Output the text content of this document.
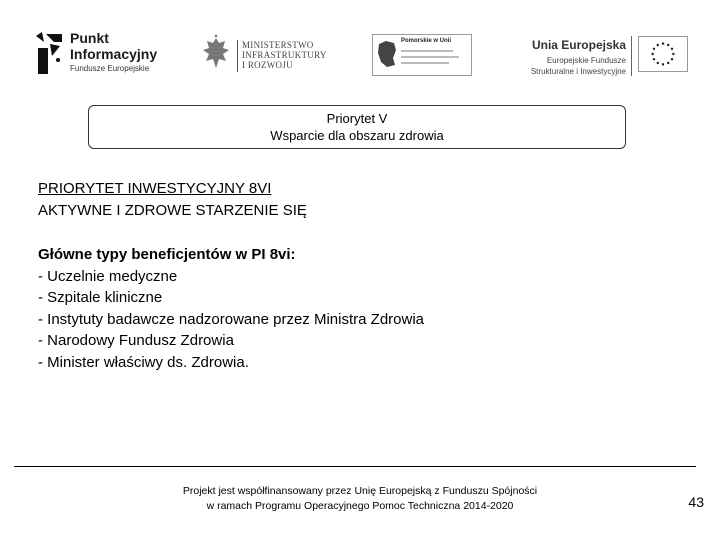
Punkt
Informacyjny
Fundusze Europejskie
MINISTERSTWO
INFRASTRUKTURY
I ROZWOJU
Pomorskie w Unii	Unia Europejska
Europejskie Fundusze
Strukturalne i Inwestycyjne
Priorytet V
Wsparcie dla obszaru zdrowia
PRIORYTET INWESTYCYJNY 8VI
AKTYWNE I ZDROWE STARZENIE SIĘ
Główne typy beneficjentów w PI 8vi:
- Uczelnie medyczne
- Szpitale kliniczne
- Instytuty badawcze nadzorowane przez Ministra Zdrowia
- Narodowy Fundusz Zdrowia
- Minister właściwy ds. Zdrowia.
Projekt jest współfinansowany przez Unię Europejską z Funduszu Spójności
w ramach Programu Operacyjnego Pomoc Techniczna 2014-2020	43
